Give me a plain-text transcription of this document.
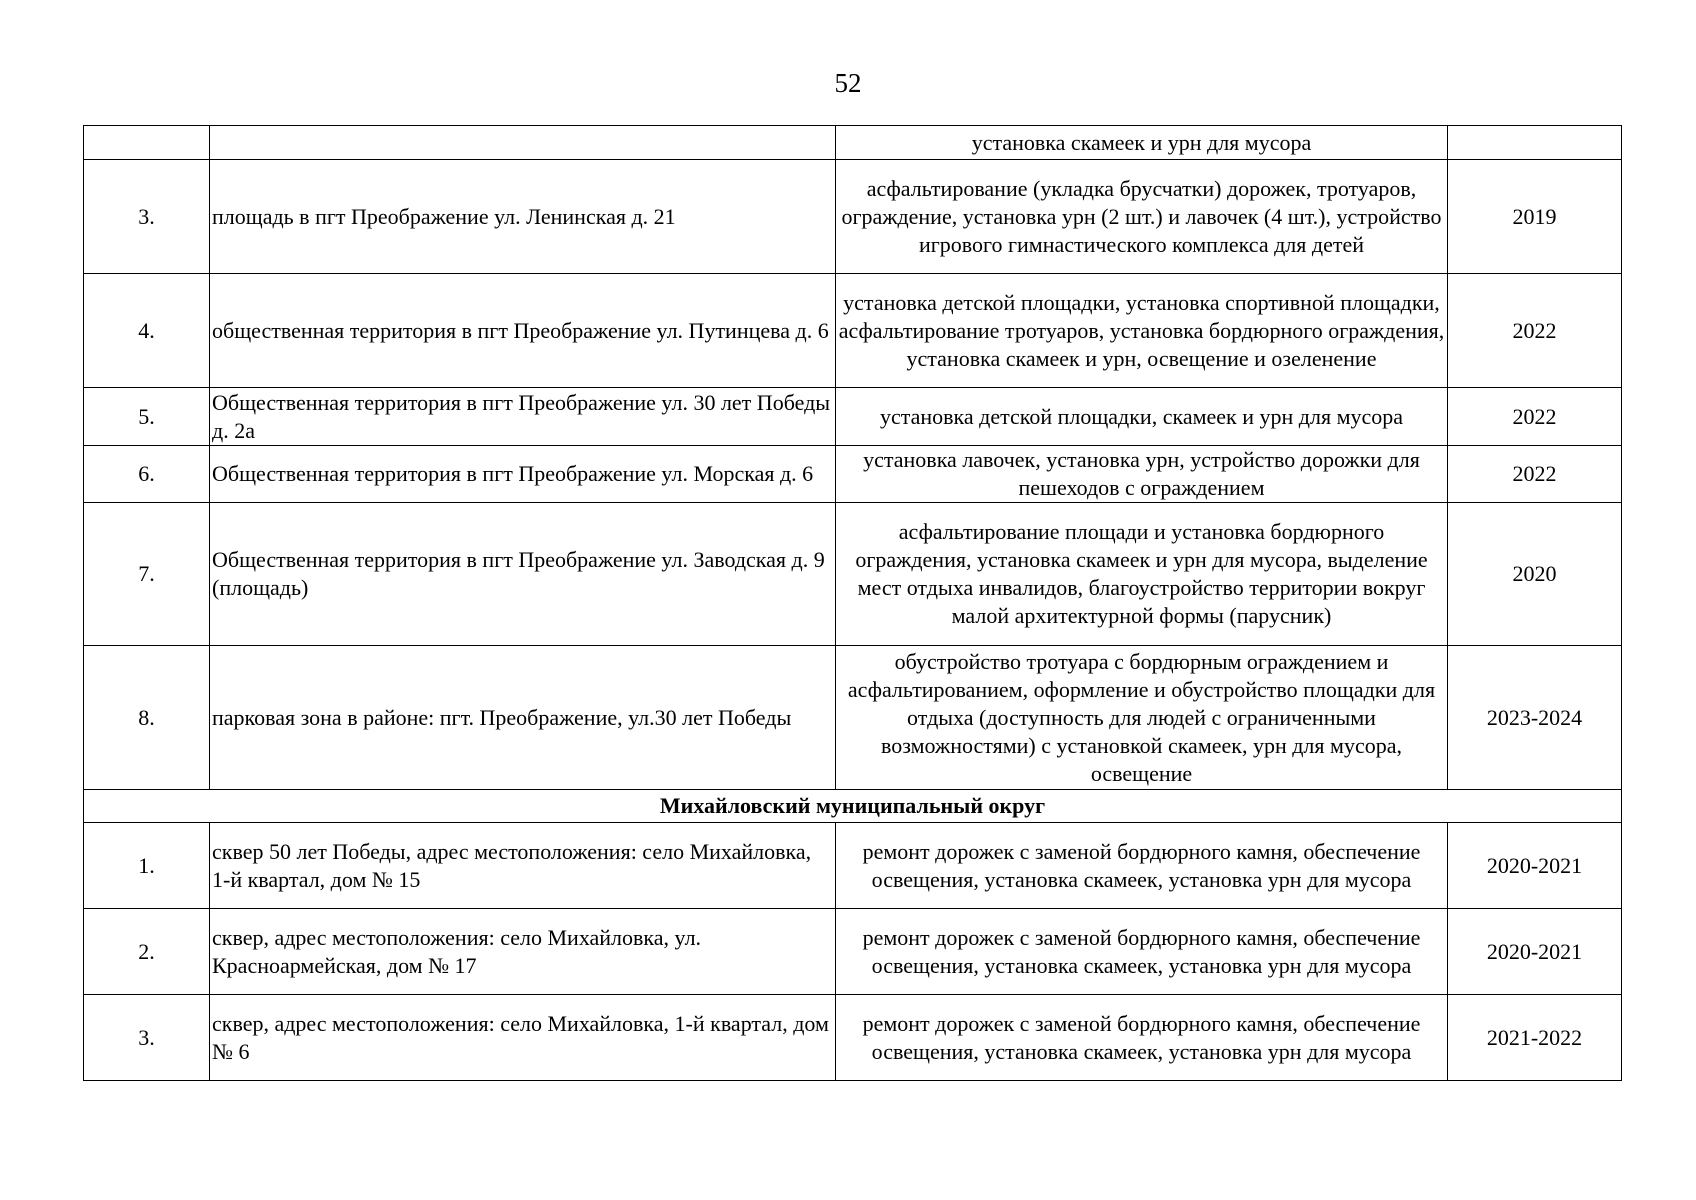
52
		установка скамеек и урн для мусора	
3.	площадь в пгт Преображение ул. Ленинская д. 21	асфальтирование (укладка брусчатки) дорожек, тротуаров, ограждение, установка урн (2 шт.) и лавочек (4 шт.), устройство игрового гимнастического комплекса для детей	2019
4.	общественная территория в пгт Преображение ул. Путинцева д. 6	установка детской площадки, установка спортивной площадки, асфальтирование тротуаров, установка бордюрного ограждения, установка скамеек и урн, освещение и озеленение	2022
5.	Общественная территория в пгт Преображение ул. 30 лет Победы д. 2а	установка детской площадки, скамеек и урн для мусора	2022
6.	Общественная территория в пгт Преображение ул. Морская д. 6	установка лавочек, установка урн, устройство дорожки для пешеходов с ограждением	2022
7.	Общественная территория в пгт Преображение ул. Заводская д. 9 (площадь)	асфальтирование площади и установка бордюрного ограждения, установка скамеек и урн для мусора, выделение мест отдыха инвалидов, благоустройство территории вокруг малой архитектурной формы (парусник)	2020
8.	парковая зона в районе: пгт. Преображение, ул.30 лет Победы	обустройство тротуара с бордюрным ограждением и асфальтированием, оформление и обустройство площадки для отдыха (доступность для людей с ограниченными возможностями) с установкой скамеек, урн для мусора, освещение	2023-2024
Михайловский муниципальный округ			
1.	сквер 50 лет Победы, адрес местоположения: село Михайловка, 1-й квартал, дом № 15	ремонт дорожек с заменой бордюрного камня, обеспечение освещения, установка скамеек, установка урн для мусора	2020-2021
2.	сквер, адрес местоположения: село Михайловка, ул. Красноармейская, дом № 17	ремонт дорожек с заменой бордюрного камня, обеспечение освещения, установка скамеек, установка урн для мусора	2020-2021
3.	сквер, адрес местоположения: село Михайловка, 1-й квартал, дом № 6	ремонт дорожек с заменой бордюрного камня, обеспечение освещения, установка скамеек, установка урн для мусора	2021-2022
